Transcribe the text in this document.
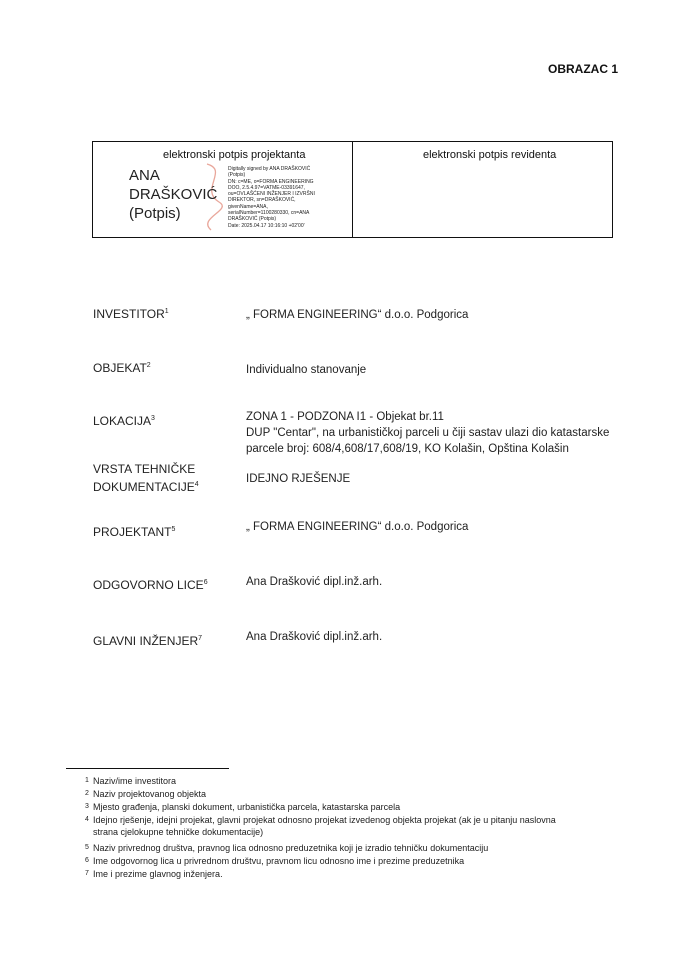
OBRAZAC 1
elektronski potpis projektanta	elektronski potpis revidenta
ANA
DRAŠKOVIĆ
(Potpis)
Digitally signed by ANA DRAŠKOVIĆ
(Potpis)
DN: c=ME, o=FORMA ENGINEERING
DOO, 2.5.4.97=VATME-03391647,
ou=OVLAŠĆENI INŽENJER I IZVRŠNI
DIREKTOR, sn=DRAŠKOVIĆ,
givenName=ANA,
serialNumber=1100280330, cn=ANA
DRAŠKOVIĆ (Potpis)
Date: 2025.04.17 10:16:10 +02'00'
INVESTITOR$^1$	„ FORMA ENGINEERING“ d.o.o. Podgorica
OBJEKAT$^2$	Individualno stanovanje
LOKACIJA$^3$	ZONA 1 - PODZONA I1 - Objekat br.11
DUP "Centar", na urbanističkoj parceli u čiji sastav ulazi dio katastarske
parcele broj: 608/4,608/17,608/19, KO Kolašin, Opština Kolašin
VRSTA TEHNIČKE
DOKUMENTACIJE$^4$	IDEJNO RJEŠENJE
PROJEKTANT$^5$	„ FORMA ENGINEERING“ d.o.o. Podgorica
ODGOVORNO LICE$^6$	Ana Drašković dipl.inž.arh.
GLAVNI INŽENJER$^7$	Ana Drašković dipl.inž.arh.
1 Naziv/ime investitora
2 Naziv projektovanog objekta
3 Mjesto građenja, planski dokument, urbanistička parcela, katastarska parcela
4 Idejno rješenje, idejni projekat, glavni projekat odnosno projekat izvedenog objekta projekat (ak je u pitanju naslovna
strana cjelokupne tehničke dokumentacije)
5 Naziv privrednog društva, pravnog lica odnosno preduzetnika koji je izradio tehničku dokumentaciju
6 Ime odgovornog lica u privrednom društvu, pravnom licu odnosno ime i prezime preduzetnika
7 Ime i prezime glavnog inženjera.
